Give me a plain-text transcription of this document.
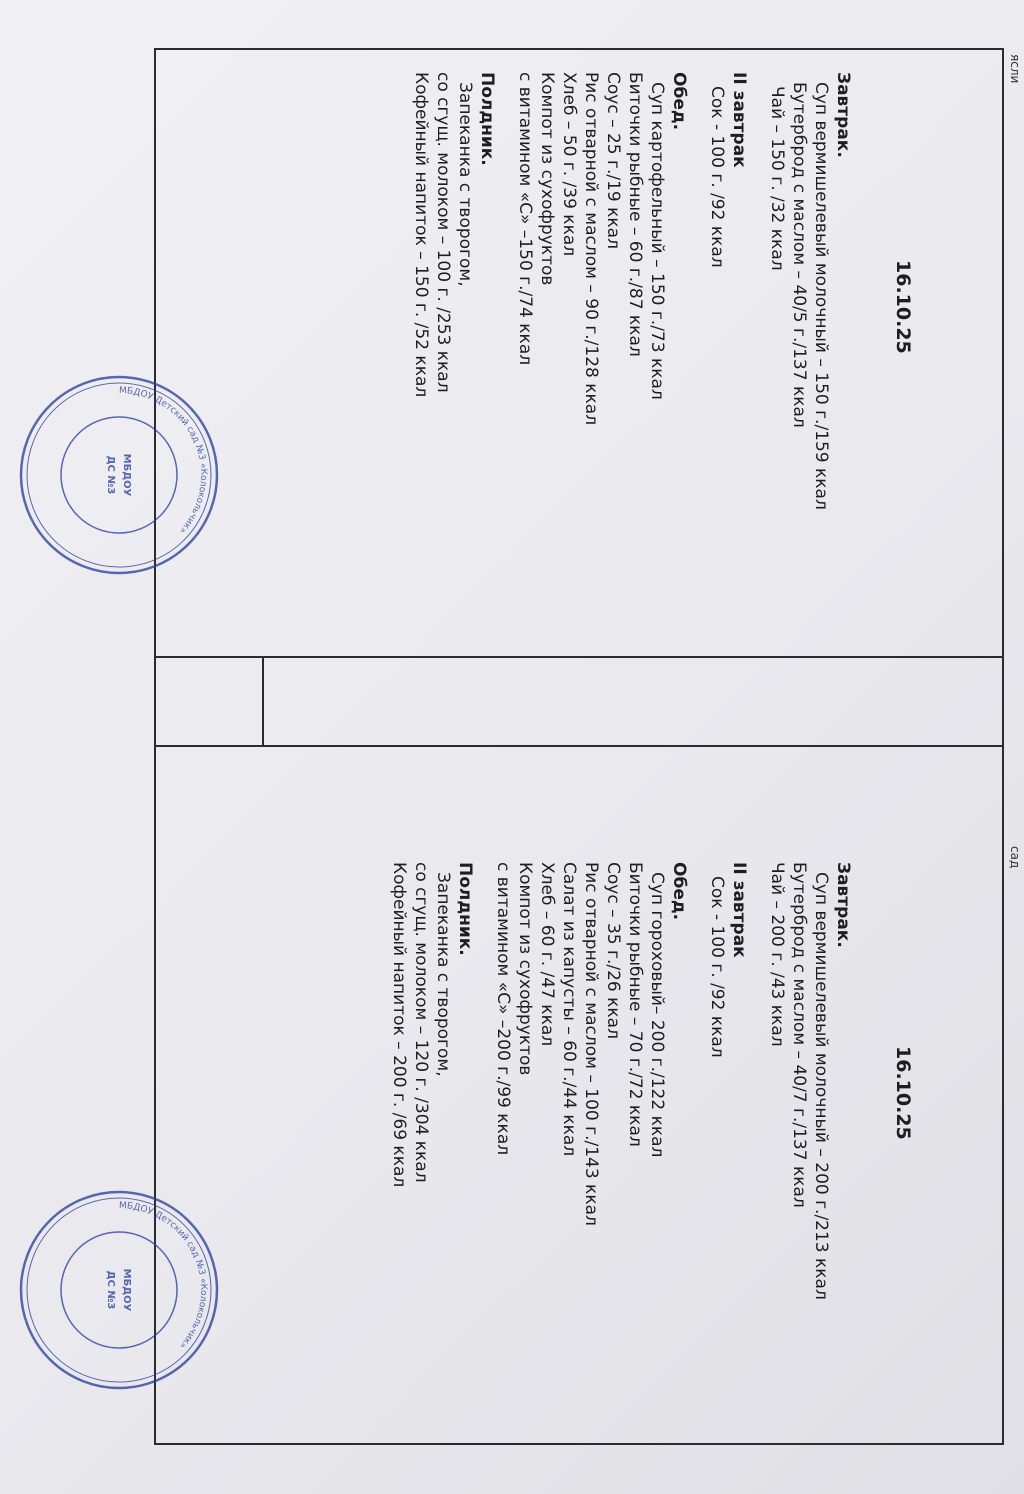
ясли
16.10.25

Завтрак.

Суп вермишелевый молочный – 150 г./159 ккал

Бутерброд с маслом – 40/5 г./137 ккал

Чай – 150 г. /32 ккал

II завтрак

Сок - 100 г. /92 ккал

Обед.

Суп картофельный – 150 г./73 ккал

Биточки рыбные – 60 г./87 ккал

Соус – 25 г./19 ккал

Рис отварной с маслом – 90 г./128 ккал

Хлеб – 50 г. /39 ккал

Компот из сухофруктов

с витамином «С» –150 г./74 ккал

Полдник.

Запеканка с творогом,

со сгущ. молоком – 100 г. /253 ккал

Кофейный напиток – 150 г. /52 ккал

сад
16.10.25

Завтрак.

Суп вермишелевый молочный – 200 г./213 ккал

Бутерброд с маслом – 40/7 г./137 ккал

Чай – 200 г. /43 ккал

II завтрак

Сок - 100 г. /92 ккал

Обед.

Суп гороховый– 200 г./122 ккал

Биточки рыбные – 70 г./72 ккал

Соус – 35 г./26 ккал

Рис отварной с маслом – 100 г./143 ккал

Салат из капусты – 60 г./44 ккал

Хлеб – 60 г. /47 ккал

Компот из сухофруктов

с витамином «С» –200 г./99 ккал

Полдник.

Запеканка с творогом,

со сгущ. молоком – 120 г. /304 ккал

Кофейный напиток – 200 г. /69 ккал

МБДОУ Детский сад №3 «Колокольчик»
МБДОУ
ДС №3
МБДОУ Детский сад №3 «Колокольчик»
МБДОУ
ДС №3
